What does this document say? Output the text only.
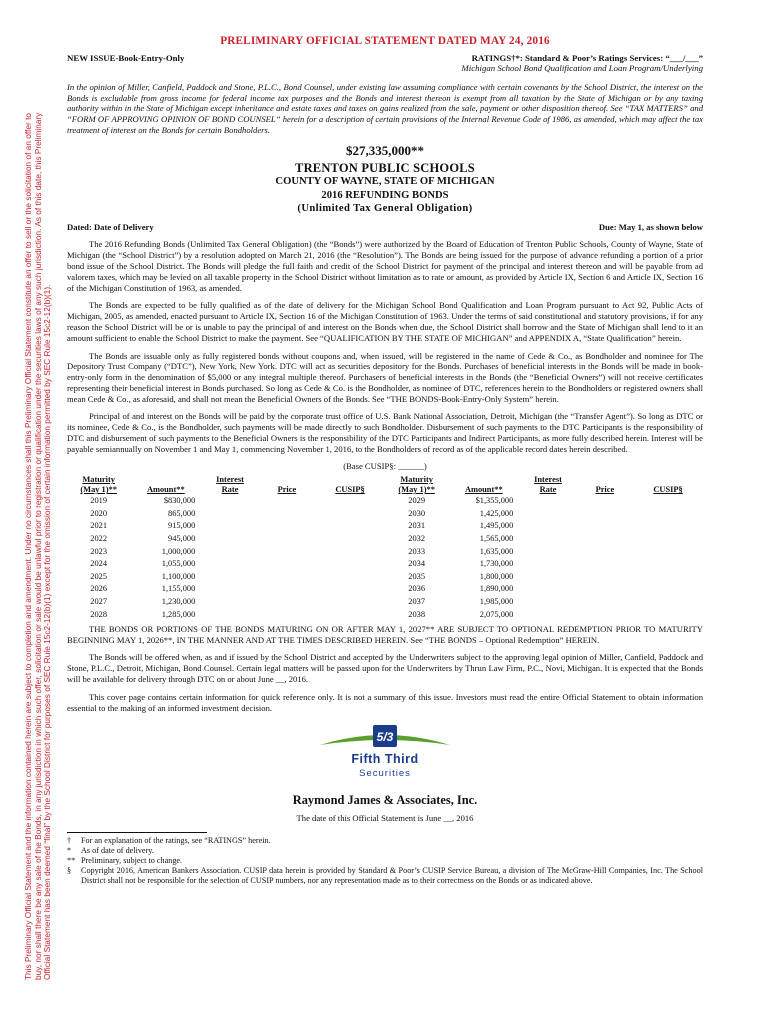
This Preliminary Official Statement and the information contained herein are subject to completion and amendment. Under no circumstances shall this Preliminary Official Statement constitute an offer to sell or the solicitation of an offer to buy, nor shall there be any sale of the Bonds, in any jurisdiction in which such offer, solicitation or sale would be unlawful prior to registration or qualification under the securities laws of any such jurisdiction. As of this date, this Preliminary Official Statement has been deemed “final” by the School District for purposes of SEC Rule 15c2-12(b)(1) except for the omission of certain information permitted by SEC Rule 15c2-12(b)(1).
PRELIMINARY OFFICIAL STATEMENT DATED MAY 24, 2016
NEW ISSUE-Book-Entry-Only	RATINGS†*: Standard & Poor’s Ratings Services: “___/___”
Michigan School Bond Qualification and Loan Program/Underlying
In the opinion of Miller, Canfield, Paddock and Stone, P.L.C., Bond Counsel, under existing law assuming compliance with certain covenants by the School District, the interest on the Bonds is excludable from gross income for federal income tax purposes and the Bonds and interest thereon is exempt from all taxation by the State of Michigan or by any taxing authority within in the State of Michigan except inheritance and estate taxes and taxes on gains realized from the sale, payment or other disposition thereof. See “TAX MATTERS” and “FORM OF APPROVING OPINION OF BOND COUNSEL” herein for a description of certain provisions of the Internal Revenue Code of 1986, as amended, which may affect the tax treatment of interest on the Bonds for certain Bondholders.
$27,335,000**
TRENTON PUBLIC SCHOOLS
COUNTY OF WAYNE, STATE OF MICHIGAN
2016 REFUNDING BONDS
(Unlimited Tax General Obligation)
Dated: Date of Delivery	Due: May 1, as shown below
The 2016 Refunding Bonds (Unlimited Tax General Obligation) (the “Bonds”) were authorized by the Board of Education of Trenton Public Schools, County of Wayne, State of Michigan (the “School District”) by a resolution adopted on March 21, 2016 (the “Resolution”). The Bonds are being issued for the purpose of advance refunding a portion of a prior bond issue of the School District. The Bonds will pledge the full faith and credit of the School District for payment of the principal and interest thereon and will be payable from ad valorem taxes, which may be levied on all taxable property in the School District without limitation as to rate or amount, as provided by Article IX, Section 6 and Article IX, Section 16 of the Michigan Constitution of 1963, as amended.
The Bonds are expected to be fully qualified as of the date of delivery for the Michigan School Bond Qualification and Loan Program pursuant to Act 92, Public Acts of Michigan, 2005, as amended, enacted pursuant to Article IX, Section 16 of the Michigan Constitution of 1963. Under the terms of said constitutional and statutory provisions, if for any reason the School District will be or is unable to pay the principal of and interest on the Bonds when due, the School District shall borrow and the State of Michigan shall lend to it an amount sufficient to enable the School District to make the payment. See “QUALIFICATION BY THE STATE OF MICHIGAN” and APPENDIX A, “State Qualification” herein.
The Bonds are issuable only as fully registered bonds without coupons and, when issued, will be registered in the name of Cede & Co., as Bondholder and nominee for The Depository Trust Company (“DTC”), New York, New York. DTC will act as securities depository for the Bonds. Purchases of beneficial interests in the Bonds will be made in book-entry-only form in the denomination of $5,000 or any integral multiple thereof. Purchasers of beneficial interests in the Bonds (the “Beneficial Owners”) will not receive certificates representing their beneficial interest in Bonds purchased. So long as Cede & Co. is the Bondholder, as nominee of DTC, references herein to the Bondholders or registered owners shall mean Cede & Co., as aforesaid, and shall not mean the Beneficial Owners of the Bonds. See “THE BONDS-Book-Entry-Only System” herein.
Principal of and interest on the Bonds will be paid by the corporate trust office of U.S. Bank National Association, Detroit, Michigan (the “Transfer Agent”). So long as DTC or its nominee, Cede & Co., is the Bondholder, such payments will be made directly to such Bondholder. Disbursement of such payments to the DTC Participants is the responsibility of DTC and disbursement of such payments to the Beneficial Owners is the responsibility of the DTC Participants and Indirect Participants, as more fully described herein. Interest will be payable semiannually on November 1 and May 1, commencing November 1, 2016, to the Bondholders of record as of the applicable record dates herein described.
(Base CUSIP§: ______)
Maturity
(May 1)**	Amount**	Interest
Rate	Price	CUSIP§
2019	$830,000			
2020	865,000			
2021	915,000			
2022	945,000			
2023	1,000,000			
2024	1,055,000			
2025	1,100,000			
2026	1,155,000			
2027	1,230,000			
2028	1,285,000			
Maturity
(May 1)**	Amount**	Interest
Rate	Price	CUSIP§
2029	$1,355,000			
2030	1,425,000			
2031	1,495,000			
2032	1,565,000			
2033	1,635,000			
2034	1,730,000			
2035	1,800,000			
2036	1,890,000			
2037	1,985,000			
2038	2,075,000			
THE BONDS OR PORTIONS OF THE BONDS MATURING ON OR AFTER MAY 1, 2027** ARE SUBJECT TO OPTIONAL REDEMPTION PRIOR TO MATURITY BEGINNING MAY 1, 2026**, IN THE MANNER AND AT THE TIMES DESCRIBED HEREIN. See “THE BONDS – Optional Redemption” HEREIN.
The Bonds will be offered when, as and if issued by the School District and accepted by the Underwriters subject to the approving legal opinion of Miller, Canfield, Paddock and Stone, P.L.C., Detroit, Michigan, Bond Counsel. Certain legal matters will be passed upon for the Underwriters by Thrun Law Firm, P.C., Novi, Michigan. It is expected that the Bonds will be available for delivery through DTC on or about June __, 2016.
This cover page contains certain information for quick reference only. It is not a summary of this issue. Investors must read the entire Official Statement to obtain information essential to the making of an informed investment decision.
5/3
Fifth Third
Securities
Raymond James & Associates, Inc.
The date of this Official Statement is June __, 2016
†	For an explanation of the ratings, see “RATINGS” herein.
*	As of date of delivery.
** Preliminary, subject to change.
§	Copyright 2016, American Bankers Association. CUSIP data herein is provided by Standard & Poor’s CUSIP Service Bureau, a division of The McGraw-Hill Companies, Inc. The School District shall not be responsible for the selection of CUSIP numbers, nor any representation made as to their correctness on the Bonds or as indicated above.
